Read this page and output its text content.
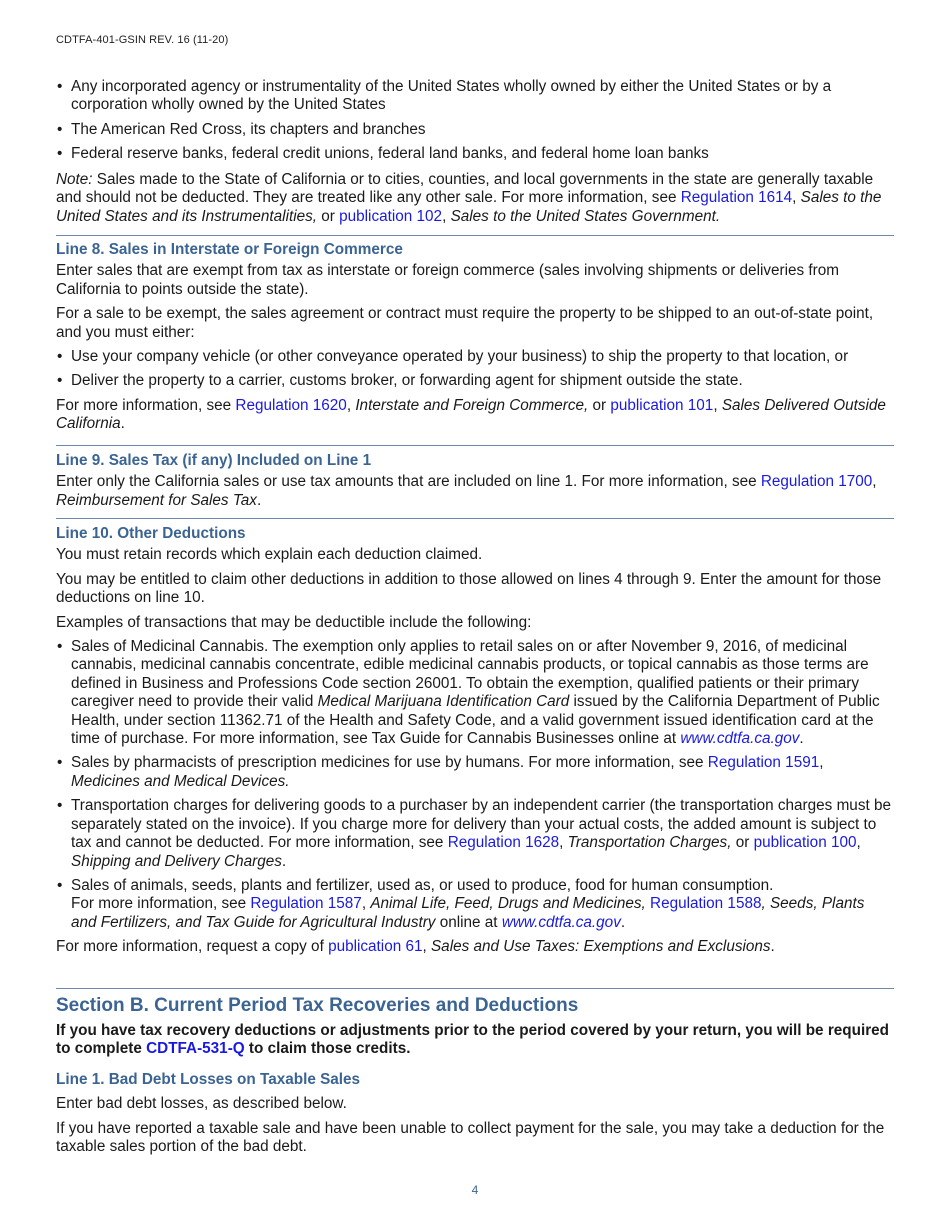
CDTFA-401-GSIN REV. 16 (11-20)
• Any incorporated agency or instrumentality of the United States wholly owned by either the United States or by a corporation wholly owned by the United States
• The American Red Cross, its chapters and branches
• Federal reserve banks, federal credit unions, federal land banks, and federal home loan banks

Note: Sales made to the State of California or to cities, counties, and local governments in the state are generally taxable and should not be deducted. They are treated like any other sale. For more information, see Regulation 1614, Sales to the United States and its Instrumentalities, or publication 102, Sales to the United States Government.

Line 8. Sales in Interstate or Foreign Commerce

Enter sales that are exempt from tax as interstate or foreign commerce (sales involving shipments or deliveries from California to points outside the state).

For a sale to be exempt, the sales agreement or contract must require the property to be shipped to an out-of-state point, and you must either:

• Use your company vehicle (or other conveyance operated by your business) to ship the property to that location, or
• Deliver the property to a carrier, customs broker, or forwarding agent for shipment outside the state.

For more information, see Regulation 1620, Interstate and Foreign Commerce, or publication 101, Sales Delivered Outside California.

Line 9. Sales Tax (if any) Included on Line 1

Enter only the California sales or use tax amounts that are included on line 1. For more information, see Regulation 1700, Reimbursement for Sales Tax.

Line 10. Other Deductions

You must retain records which explain each deduction claimed.

You may be entitled to claim other deductions in addition to those allowed on lines 4 through 9. Enter the amount for those deductions on line 10.

Examples of transactions that may be deductible include the following:

• Sales of Medicinal Cannabis. The exemption only applies to retail sales on or after November 9, 2016, of medicinal cannabis, medicinal cannabis concentrate, edible medicinal cannabis products, or topical cannabis as those terms are defined in Business and Professions Code section 26001. To obtain the exemption, qualified patients or their primary caregiver need to provide their valid Medical Marijuana Identification Card issued by the California Department of Public Health, under section 11362.71 of the Health and Safety Code, and a valid government issued identification card at the time of purchase. For more information, see Tax Guide for Cannabis Businesses online at www.cdtfa.ca.gov.
• Sales by pharmacists of prescription medicines for use by humans. For more information, see Regulation 1591, Medicines and Medical Devices.
• Transportation charges for delivering goods to a purchaser by an independent carrier (the transportation charges must be separately stated on the invoice). If you charge more for delivery than your actual costs, the added amount is subject to tax and cannot be deducted. For more information, see Regulation 1628, Transportation Charges, or publication 100, Shipping and Delivery Charges.
• Sales of animals, seeds, plants and fertilizer, used as, or used to produce, food for human consumption.
For more information, see Regulation 1587, Animal Life, Feed, Drugs and Medicines, Regulation 1588, Seeds, Plants and Fertilizers, and Tax Guide for Agricultural Industry online at www.cdtfa.ca.gov.

For more information, request a copy of publication 61, Sales and Use Taxes: Exemptions and Exclusions.

Section B. Current Period Tax Recoveries and Deductions

If you have tax recovery deductions or adjustments prior to the period covered by your return, you will be required to complete CDTFA-531-Q to claim those credits.

Line 1. Bad Debt Losses on Taxable Sales

Enter bad debt losses, as described below.

If you have reported a taxable sale and have been unable to collect payment for the sale, you may take a deduction for the taxable sales portion of the bad debt.

4
